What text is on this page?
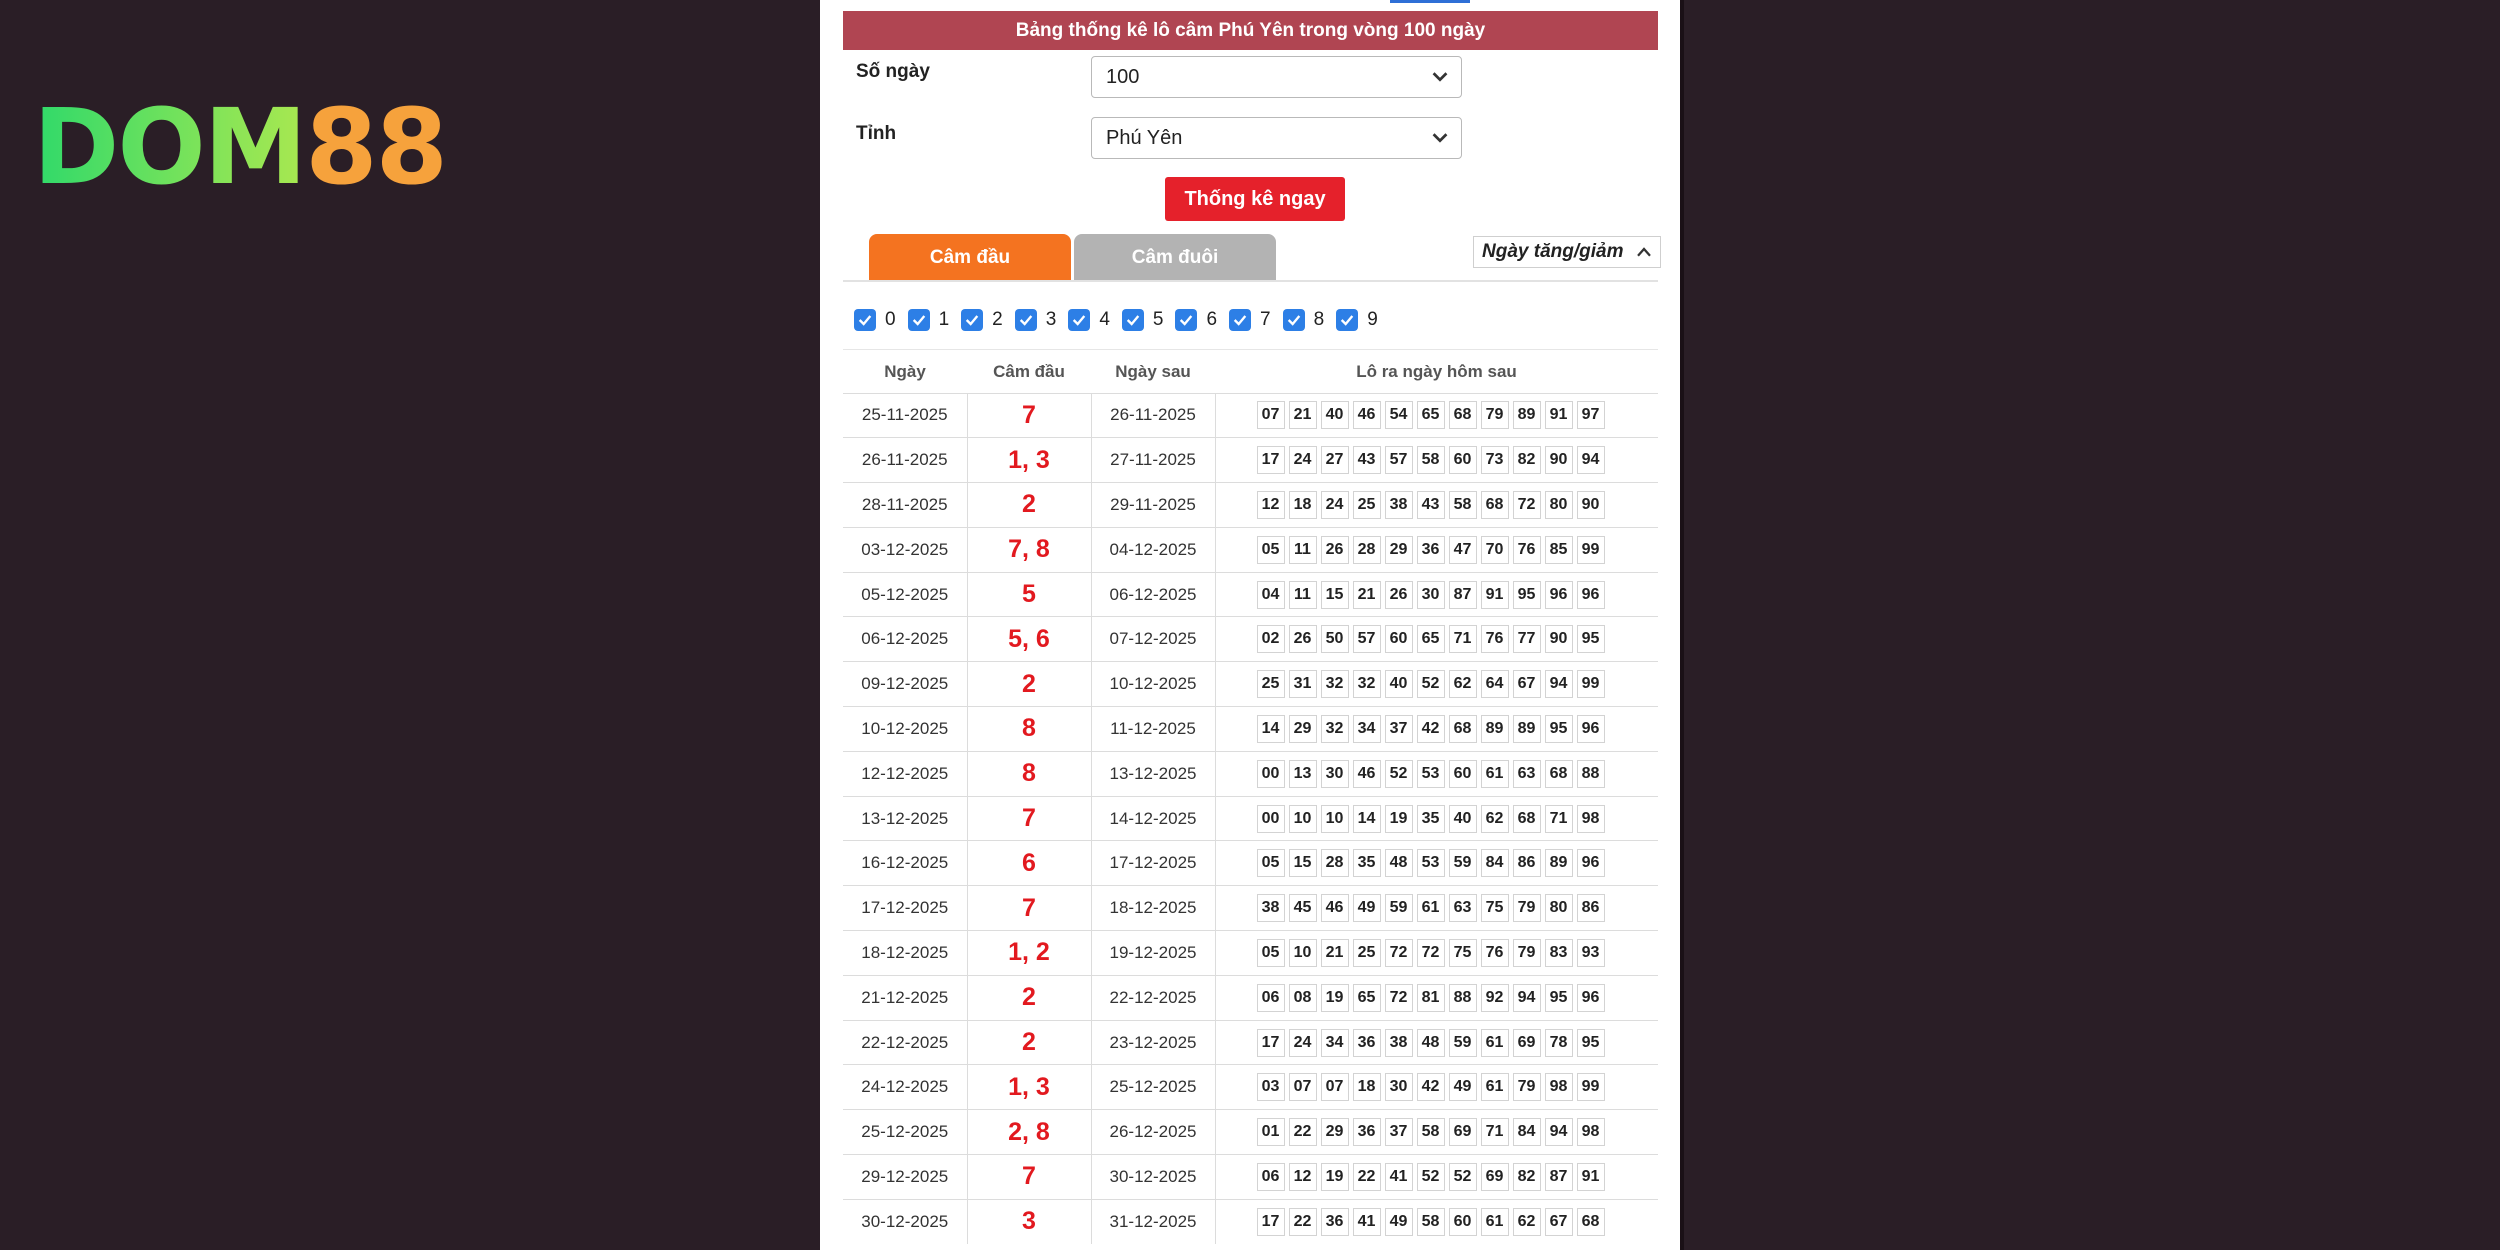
DOM 88
Bảng thống kê lô câm Phú Yên trong vòng 100 ngày
Số ngày	100
Tỉnh	Phú Yên
Thống kê ngay
Câm đầu	Câm đuôi	Ngày tăng/giảm
0 1 2 3 4 5 6 7 8 9
Ngày	Câm đầu	Ngày sau	Lô ra ngày hôm sau
25-11-2025	7	26-11-2025	07 21 40 46 54 65 68 79 89 91 97
26-11-2025	1, 3	27-11-2025	17 24 27 43 57 58 60 73 82 90 94
28-11-2025	2	29-11-2025	12 18 24 25 38 43 58 68 72 80 90
03-12-2025	7, 8	04-12-2025	05 11 26 28 29 36 47 70 76 85 99
05-12-2025	5	06-12-2025	04 11 15 21 26 30 87 91 95 96 96
06-12-2025	5, 6	07-12-2025	02 26 50 57 60 65 71 76 77 90 95
09-12-2025	2	10-12-2025	25 31 32 32 40 52 62 64 67 94 99
10-12-2025	8	11-12-2025	14 29 32 34 37 42 68 89 89 95 96
12-12-2025	8	13-12-2025	00 13 30 46 52 53 60 61 63 68 88
13-12-2025	7	14-12-2025	00 10 10 14 19 35 40 62 68 71 98
16-12-2025	6	17-12-2025	05 15 28 35 48 53 59 84 86 89 96
17-12-2025	7	18-12-2025	38 45 46 49 59 61 63 75 79 80 86
18-12-2025	1, 2	19-12-2025	05 10 21 25 72 72 75 76 79 83 93
21-12-2025	2	22-12-2025	06 08 19 65 72 81 88 92 94 95 96
22-12-2025	2	23-12-2025	17 24 34 36 38 48 59 61 69 78 95
24-12-2025	1, 3	25-12-2025	03 07 07 18 30 42 49 61 79 98 99
25-12-2025	2, 8	26-12-2025	01 22 29 36 37 58 69 71 84 94 98
29-12-2025	7	30-12-2025	06 12 19 22 41 52 52 69 82 87 91
30-12-2025	3	31-12-2025	17 22 36 41 49 58 60 61 62 67 68
